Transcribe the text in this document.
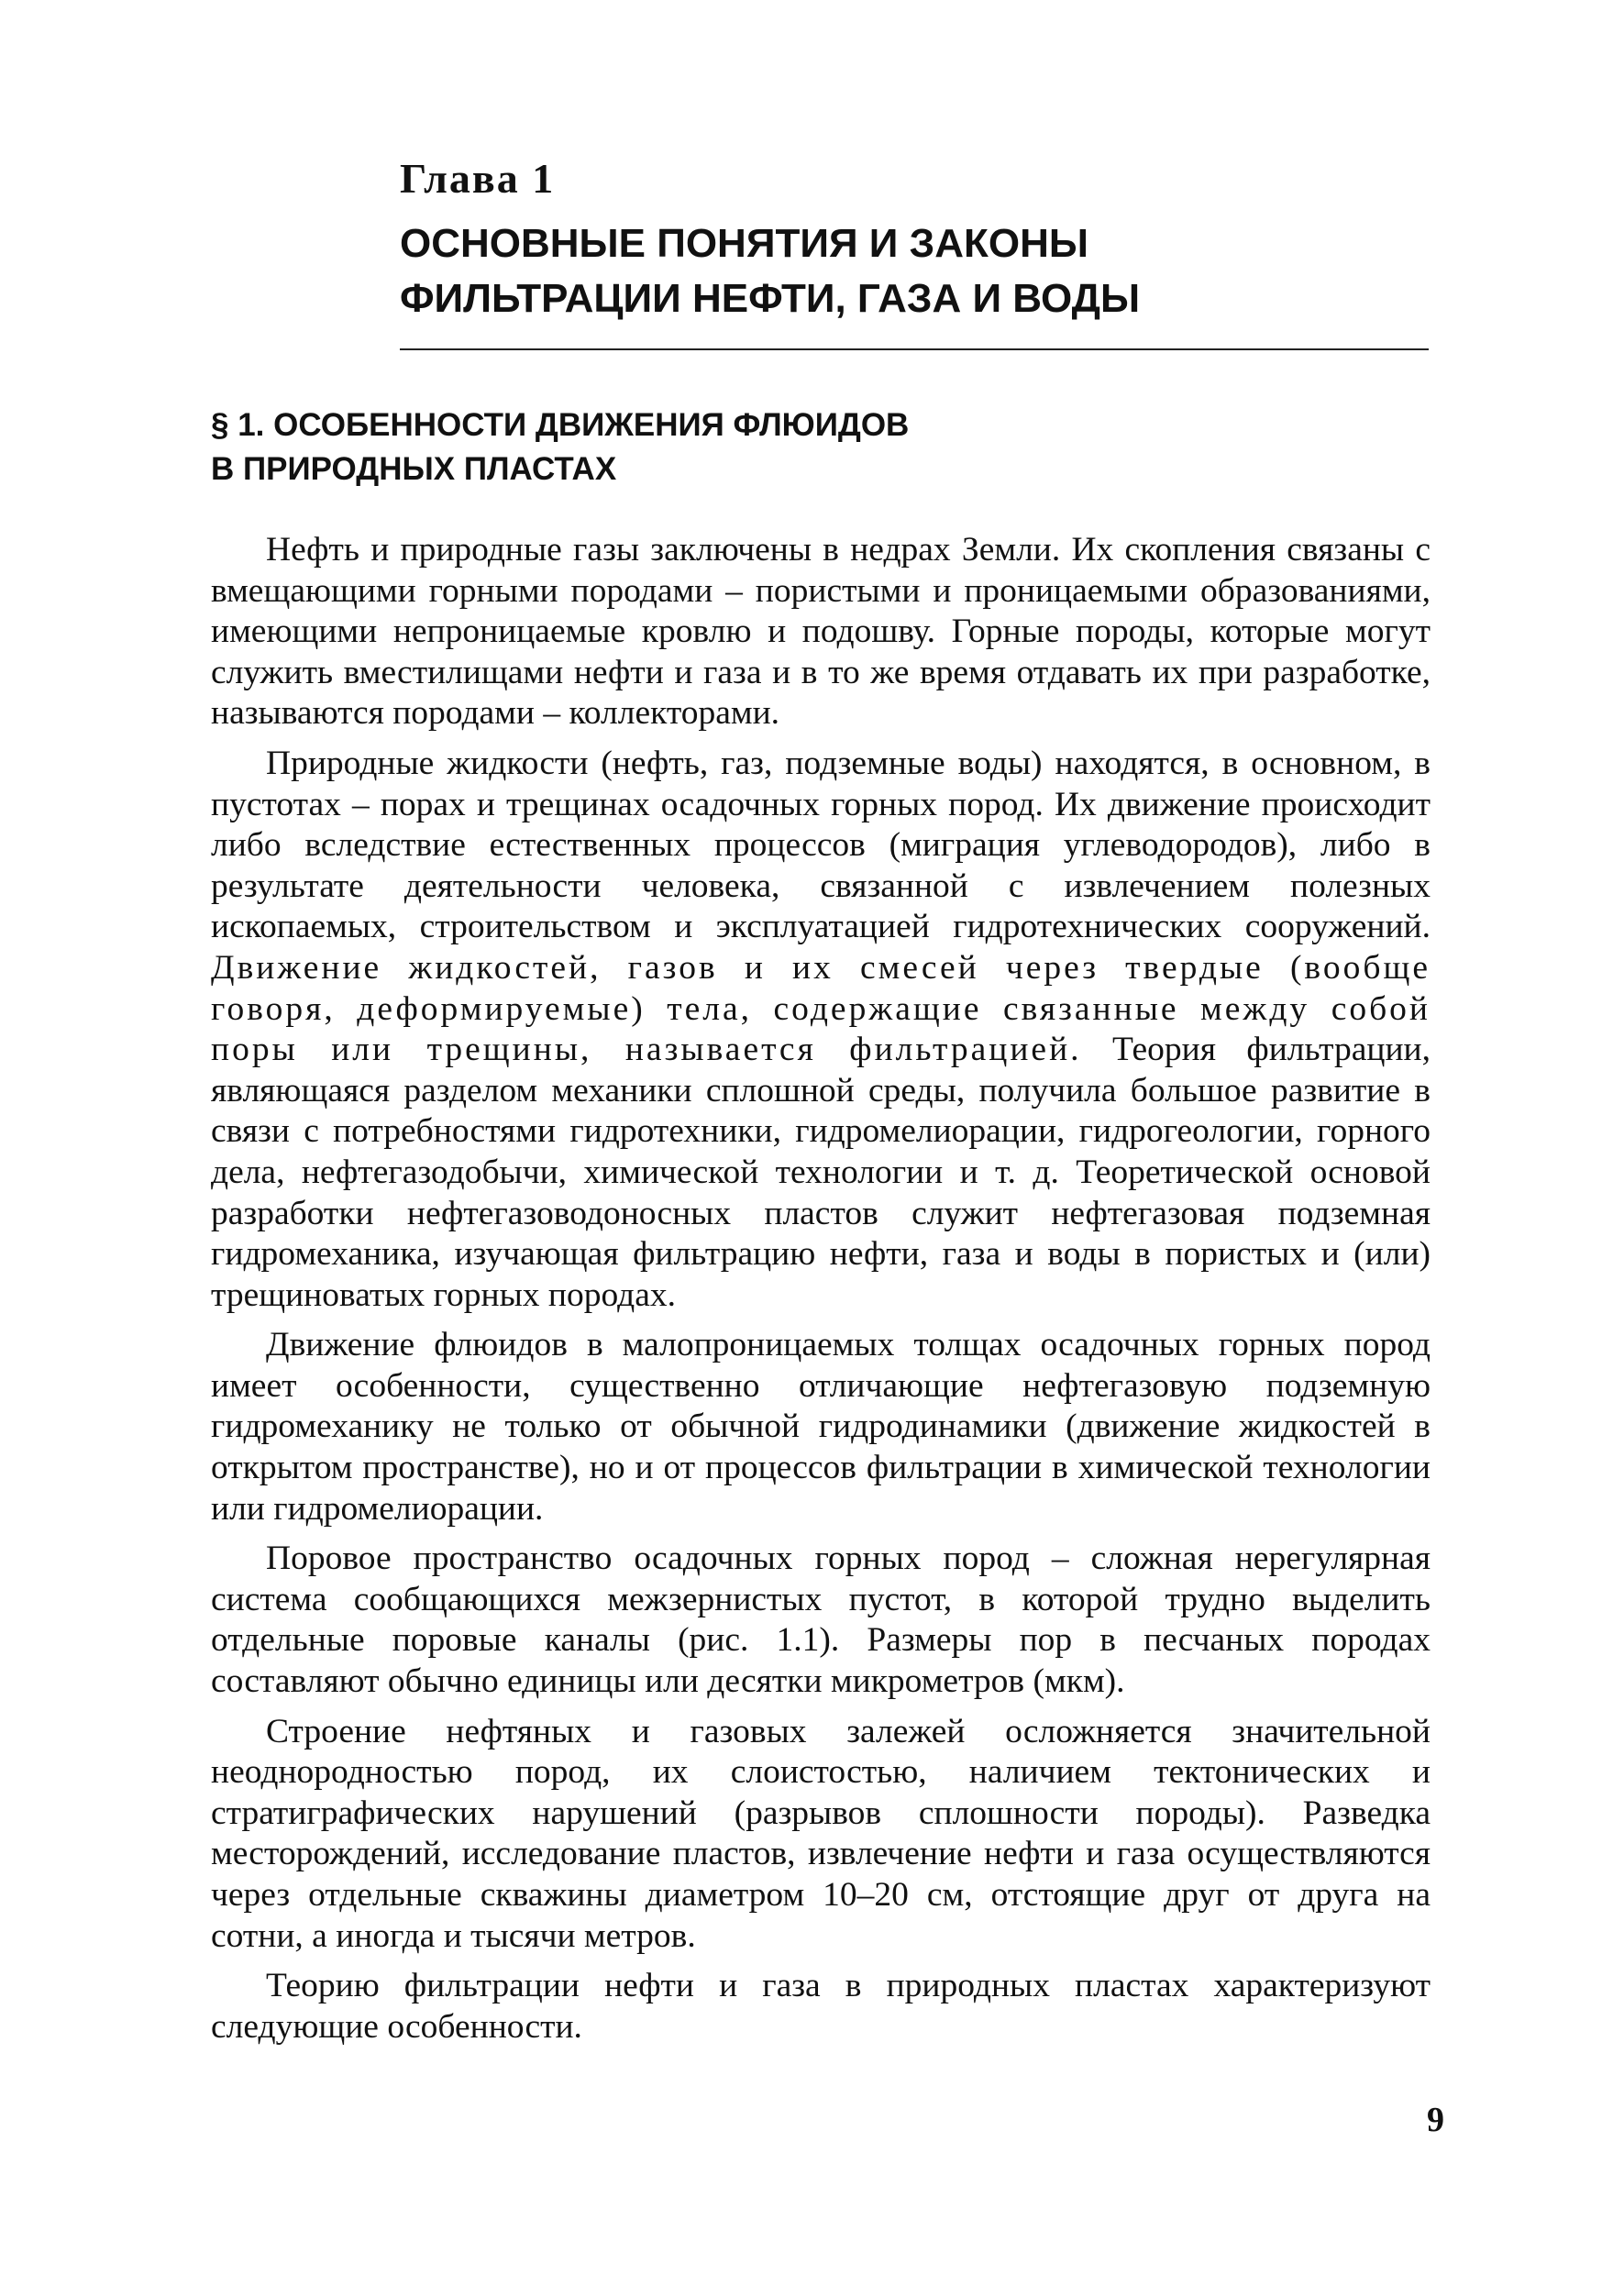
Глава 1
ОСНОВНЫЕ ПОНЯТИЯ И ЗАКОНЫ
ФИЛЬТРАЦИИ НЕФТИ, ГАЗА И ВОДЫ
§ 1. ОСОБЕННОСТИ ДВИЖЕНИЯ ФЛЮИДОВ
В ПРИРОДНЫХ ПЛАСТАХ

Нефть и природные газы заключены в недрах Земли. Их скопления связаны с вмещающими горными породами – пористыми и проницаемыми образованиями, имеющими непроницаемые кровлю и подошву. Горные породы, которые могут служить вместилищами нефти и газа и в то же время отдавать их при разработке, называются породами – коллекторами.

Природные жидкости (нефть, газ, подземные воды) находятся, в основном, в пустотах – порах и трещинах осадочных горных пород. Их движение происходит либо вследствие естественных процессов (миграция углеводородов), либо в результате деятельности человека, связанной с извлечением полезных ископаемых, строительством и эксплуатацией гидротехнических сооружений. Движение жидкостей, газов и их смесей через твердые (вообще говоря, деформируемые) тела, содержащие связанные между собой поры или трещины, называется фильтрацией. Теория фильтрации, являющаяся разделом механики сплошной среды, получила большое развитие в связи с потребностями гидротехники, гидромелиорации, гидрогеологии, горного дела, нефтегазодобычи, химической технологии и т. д. Теоретической основой разработки нефтегазоводоносных пластов служит нефтегазовая подземная гидромеханика, изучающая фильтрацию нефти, газа и воды в пористых и (или) трещиноватых горных породах.

Движение флюидов в малопроницаемых толщах осадочных горных пород имеет особенности, существенно отличающие нефтегазовую подземную гидромеханику не только от обычной гидродинамики (движение жидкостей в открытом пространстве), но и от процессов фильтрации в химической технологии или гидромелиорации.

Поровое пространство осадочных горных пород – сложная нерегулярная система сообщающихся межзернистых пустот, в которой трудно выделить отдельные поровые каналы (рис. 1.1). Размеры пор в песчаных породах составляют обычно единицы или десятки микрометров (мкм).

Строение нефтяных и газовых залежей осложняется значительной неоднородностью пород, их слоистостью, наличием тектонических и стратиграфических нарушений (разрывов сплошности породы). Разведка месторождений, исследование пластов, извлечение нефти и газа осуществляются через отдельные скважины диаметром 10–20 см, отстоящие друг от друга на сотни, а иногда и тысячи метров.

Теорию фильтрации нефти и газа в природных пластах характеризуют следующие особенности.

9
